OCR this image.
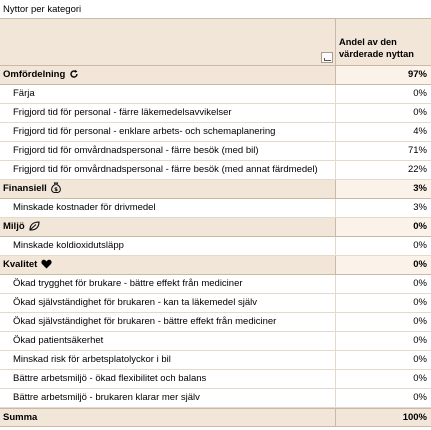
Nyttor per kategori
Andel av den
värderade nyttan
Omfördelning	97%
Färja	0%
Frigjord tid för personal - färre läkemedelsavvikelser	0%
Frigjord tid för personal - enklare arbets- och schemaplanering	4%
Frigjord tid för omvårdnadspersonal - färre besök (med bil)	71%
Frigjord tid för omvårdnadspersonal - färre besök (med annat färdmedel)	22%
Finansiell $	3%
Minskade kostnader för drivmedel	3%
Miljö	0%
Minskade koldioxidutsläpp	0%
Kvalitet	0%
Ökad trygghet för brukare - bättre effekt från mediciner	0%
Ökad självständighet för brukaren - kan ta läkemedel själv	0%
Ökad självständighet för brukaren - bättre effekt från mediciner	0%
Ökad patientsäkerhet	0%
Minskad risk för arbetsplatolyckor i bil	0%
Bättre arbetsmiljö - ökad flexibilitet och balans	0%
Bättre arbetsmiljö - brukaren klarar mer själv	0%
Summa	100%
